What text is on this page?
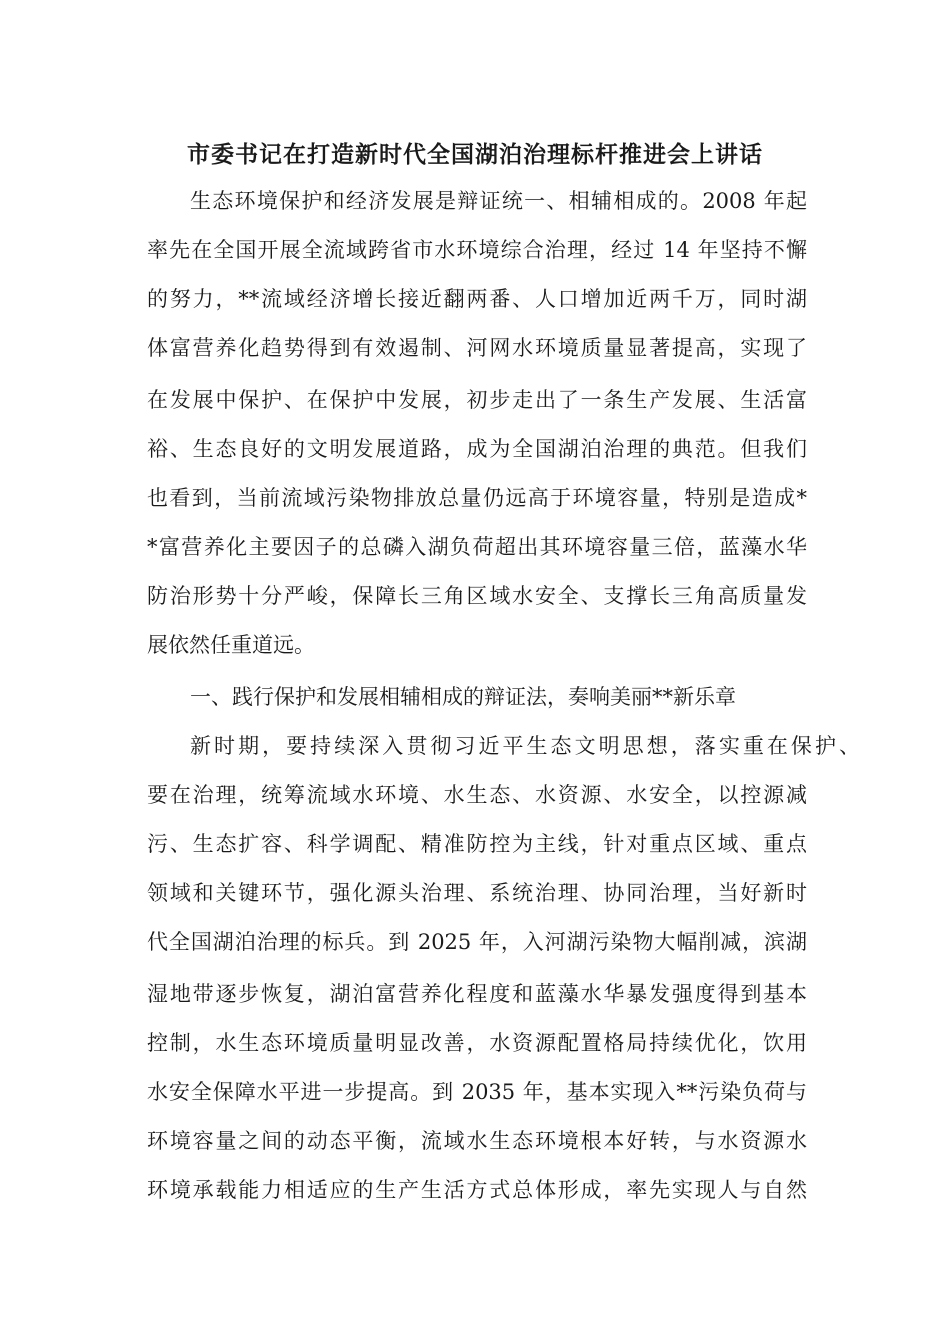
市委书记在打造新时代全国湖泊治理标杆推进会上讲话
生态环境保护和经济发展是辩证统一、相辅相成的。2008 年起
率先在全国开展全流域跨省市水环境综合治理，经过 14 年坚持不懈
的努力，**流域经济增长接近翻两番、人口增加近两千万，同时湖
体富营养化趋势得到有效遏制、河网水环境质量显著提高，实现了
在发展中保护、在保护中发展，初步走出了一条生产发展、生活富
裕、生态良好的文明发展道路，成为全国湖泊治理的典范。但我们
也看到，当前流域污染物排放总量仍远高于环境容量，特别是造成*
*富营养化主要因子的总磷入湖负荷超出其环境容量三倍，蓝藻水华
防治形势十分严峻，保障长三角区域水安全、支撑长三角高质量发
展依然任重道远。
一、践行保护和发展相辅相成的辩证法，奏响美丽**新乐章
新时期，要持续深入贯彻习近平生态文明思想，落实重在保护、
要在治理，统筹流域水环境、水生态、水资源、水安全，以控源减
污、生态扩容、科学调配、精准防控为主线，针对重点区域、重点
领域和关键环节，强化源头治理、系统治理、协同治理，当好新时
代全国湖泊治理的标兵。到 2025 年，入河湖污染物大幅削减，滨湖
湿地带逐步恢复，湖泊富营养化程度和蓝藻水华暴发强度得到基本
控制，水生态环境质量明显改善，水资源配置格局持续优化，饮用
水安全保障水平进一步提高。到 2035 年，基本实现入**污染负荷与
环境容量之间的动态平衡，流域水生态环境根本好转，与水资源水
环境承载能力相适应的生产生活方式总体形成，率先实现人与自然
